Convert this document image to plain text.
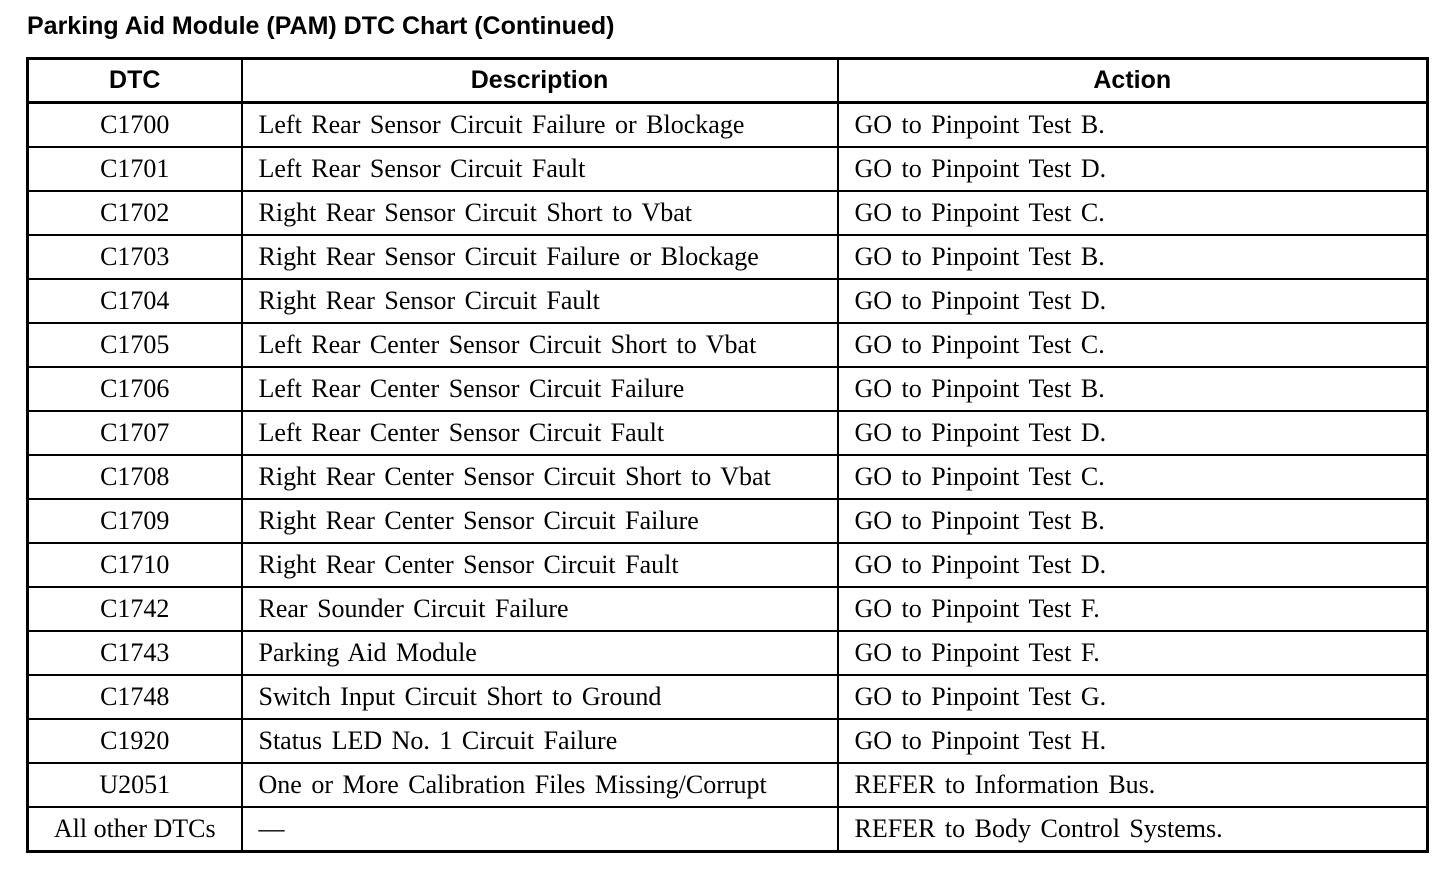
Parking Aid Module (PAM) DTC Chart (Continued)
DTC	Description	Action
C1700	Left Rear Sensor Circuit Failure or Blockage	GO to Pinpoint Test B.
C1701	Left Rear Sensor Circuit Fault	GO to Pinpoint Test D.
C1702	Right Rear Sensor Circuit Short to Vbat	GO to Pinpoint Test C.
C1703	Right Rear Sensor Circuit Failure or Blockage	GO to Pinpoint Test B.
C1704	Right Rear Sensor Circuit Fault	GO to Pinpoint Test D.
C1705	Left Rear Center Sensor Circuit Short to Vbat	GO to Pinpoint Test C.
C1706	Left Rear Center Sensor Circuit Failure	GO to Pinpoint Test B.
C1707	Left Rear Center Sensor Circuit Fault	GO to Pinpoint Test D.
C1708	Right Rear Center Sensor Circuit Short to Vbat	GO to Pinpoint Test C.
C1709	Right Rear Center Sensor Circuit Failure	GO to Pinpoint Test B.
C1710	Right Rear Center Sensor Circuit Fault	GO to Pinpoint Test D.
C1742	Rear Sounder Circuit Failure	GO to Pinpoint Test F.
C1743	Parking Aid Module	GO to Pinpoint Test F.
C1748	Switch Input Circuit Short to Ground	GO to Pinpoint Test G.
C1920	Status LED No. 1 Circuit Failure	GO to Pinpoint Test H.
U2051	One or More Calibration Files Missing/Corrupt	REFER to Information Bus.
All other DTCs	—	REFER to Body Control Systems.
